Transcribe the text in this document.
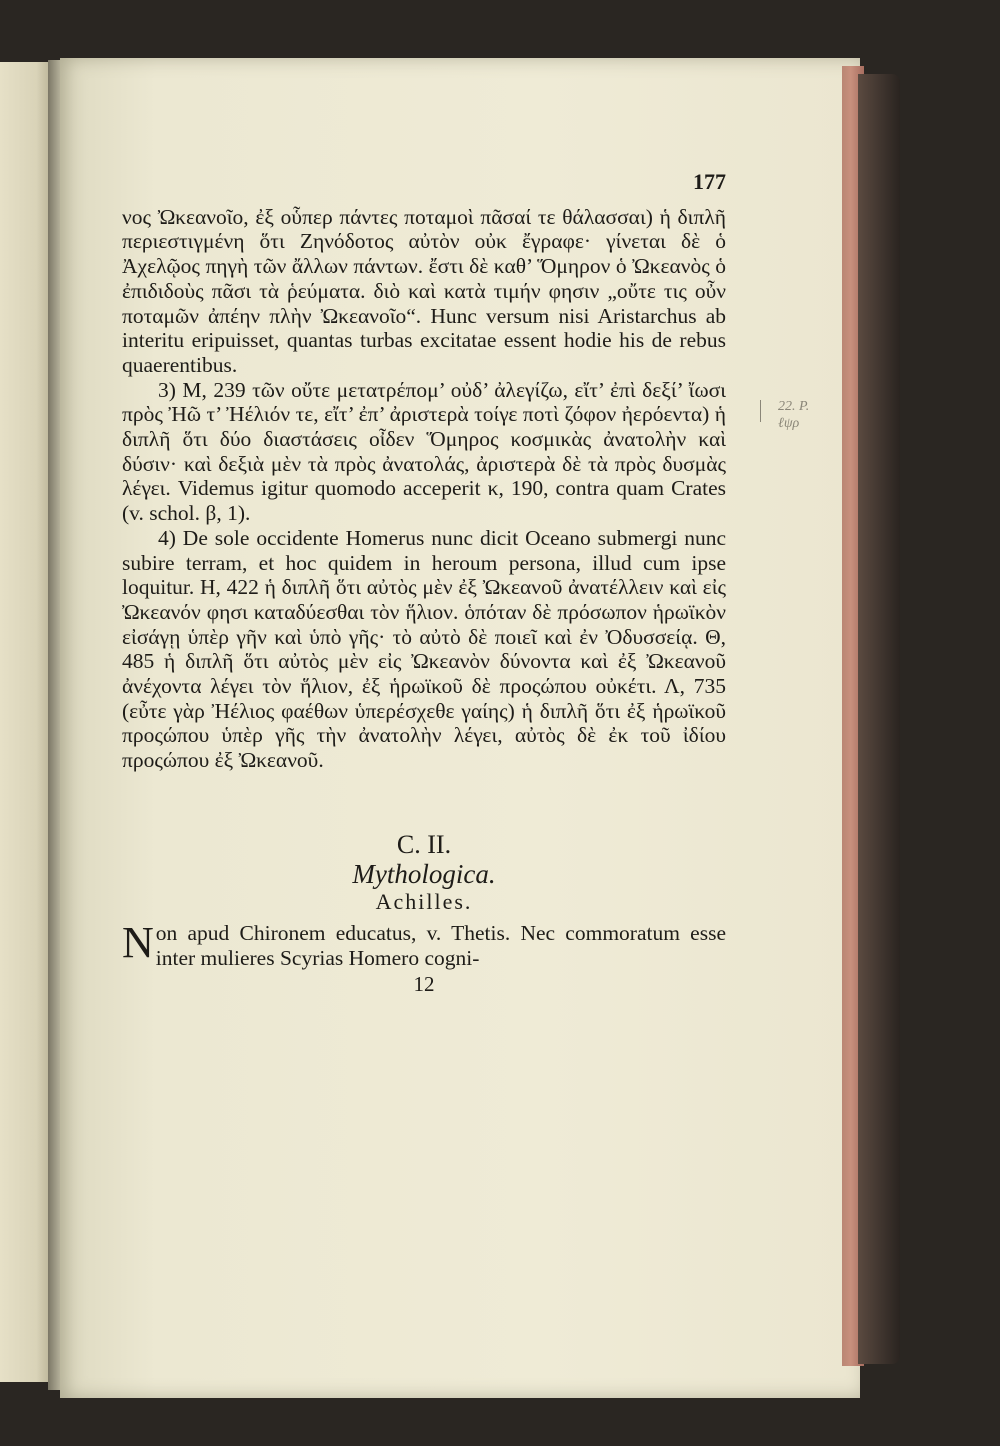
22. P. ℓψρ
177

νος Ὠκεανοῖο, ἐξ οὗπερ πάντες ποταμοὶ πᾶσαί τε θάλασσαι) ἡ διπλῆ περιεστιγμένη ὅτι Ζηνόδοτος αὐτὸν οὐκ ἔγραφε· γίνεται δὲ ὁ Ἀχελῷος πηγὴ τῶν ἄλλων πάντων. ἔστι δὲ καθ’ Ὅμηρον ὁ Ὠκεανὸς ὁ ἐπιδιδοὺς πᾶσι τὰ ῥεύματα. διὸ καὶ κατὰ τιμήν φησιν „οὔτε τις οὖν ποταμῶν ἀπέην πλὴν Ὠκεανοῖο“. Hunc versum nisi Aristarchus ab interitu eripuisset, quantas turbas excitatae essent hodie his de rebus quaerentibus.

3) M, 239 τῶν οὔτε μετατρέπομ’ οὐδ’ ἀλεγίζω, εἴτ’ ἐπὶ δεξί’ ἴωσι πρὸς Ἠῶ τ’ Ἠέλιόν τε, εἴτ’ ἐπ’ ἀριστερὰ τοίγε ποτὶ ζόφον ἠερόεντα) ἡ διπλῆ ὅτι δύο διαστάσεις οἶδεν Ὅμηρος κοσμικὰς ἀνατολὴν καὶ δύσιν· καὶ δεξιὰ μὲν τὰ πρὸς ἀνατολάς, ἀριστερὰ δὲ τὰ πρὸς δυσμὰς λέγει. Videmus igitur quomodo acceperit κ, 190, contra quam Crates (v. schol. β, 1).

4) De sole occidente Homerus nunc dicit Oceano submergi nunc subire terram, et hoc quidem in heroum persona, illud cum ipse loquitur. H, 422 ἡ διπλῆ ὅτι αὐτὸς μὲν ἐξ Ὠκεανοῦ ἀνατέλλειν καὶ εἰς Ὠκεανόν φησι καταδύεσθαι τὸν ἥλιον. ὁπόταν δὲ πρόσωπον ἡρωϊκὸν εἰσάγῃ ὑπὲρ γῆν καὶ ὑπὸ γῆς· τὸ αὐτὸ δὲ ποιεῖ καὶ ἐν Ὀδυσσείᾳ. Θ, 485 ἡ διπλῆ ὅτι αὐτὸς μὲν εἰς Ὠκεανὸν δύνοντα καὶ ἐξ Ὠκεανοῦ ἀνέχοντα λέγει τὸν ἥλιον, ἐξ ἡρωϊκοῦ δὲ προςώπου οὐκέτι. Λ, 735 (εὖτε γὰρ Ἠέλιος φαέθων ὑπερέσχεθε γαίης) ἡ διπλῆ ὅτι ἐξ ἡρωϊκοῦ προςώπου ὑπὲρ γῆς τὴν ἀνατολὴν λέγει, αὐτὸς δὲ ἐκ τοῦ ἰδίου προςώπου ἐξ Ὠκεανοῦ.

C. II.
Mythologica.
Achilles.

Non apud Chironem educatus, v. Thetis. Nec commoratum esse inter mulieres Scyrias Homero cogni-

12
